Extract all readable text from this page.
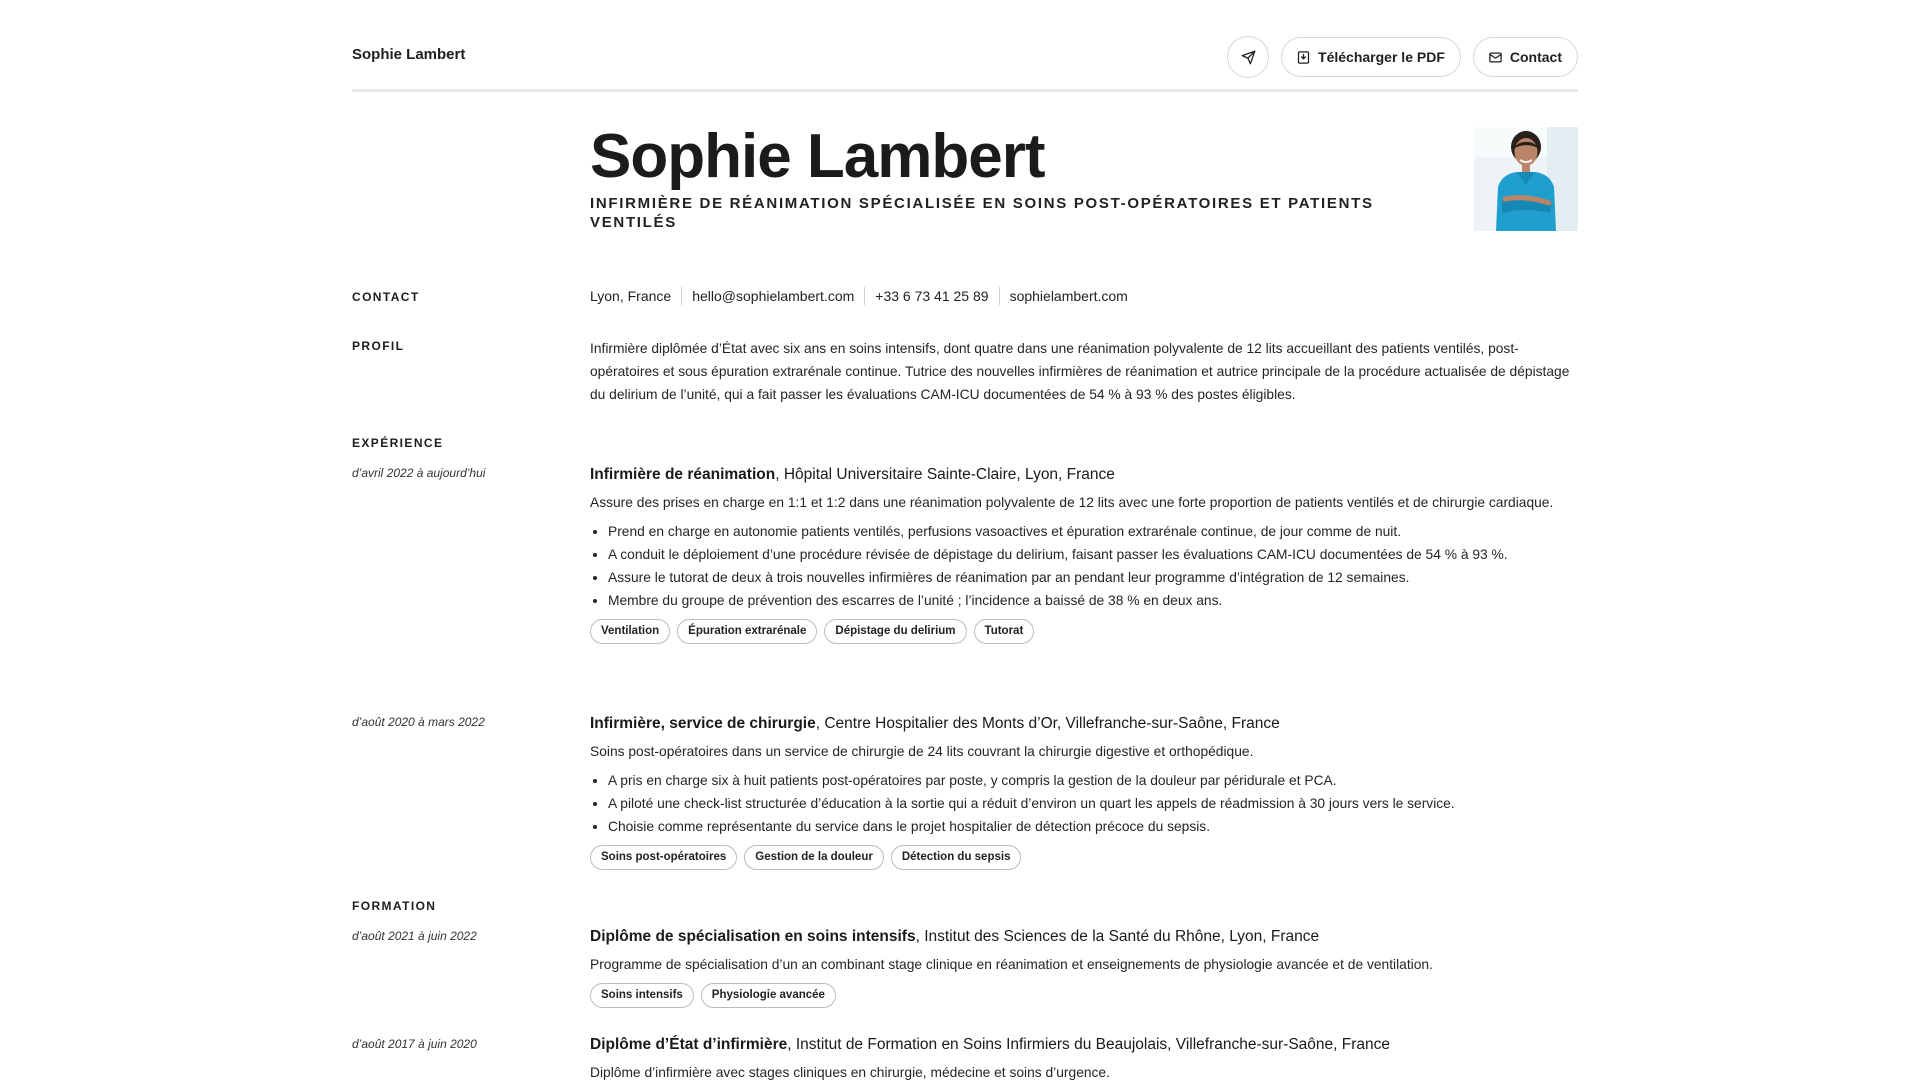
Sophie Lambert	Télécharger le PDF	Contact
Sophie Lambert
INFIRMIÈRE DE RÉANIMATION SPÉCIALISÉE EN SOINS POST-OPÉRATOIRES ET PATIENTS VENTILÉS
CONTACT	Lyon, France	hello@sophielambert.com	+33 6 73 41 25 89	sophielambert.com
PROFIL	Infirmière diplômée d’État avec six ans en soins intensifs, dont quatre dans une réanimation polyvalente de 12 lits accueillant des patients ventilés, post-opératoires et sous épuration extrarénale continue. Tutrice des nouvelles infirmières de réanimation et autrice principale de la procédure actualisée de dépistage du delirium de l’unité, qui a fait passer les évaluations CAM-ICU documentées de 54 % à 93 % des postes éligibles.
EXPÉRIENCE
d’avril 2022 à aujourd’hui	Infirmière de réanimation, Hôpital Universitaire Sainte-Claire, Lyon, France
Assure des prises en charge en 1:1 et 1:2 dans une réanimation polyvalente de 12 lits avec une forte proportion de patients ventilés et de chirurgie cardiaque.
• Prend en charge en autonomie patients ventilés, perfusions vasoactives et épuration extrarénale continue, de jour comme de nuit.
• A conduit le déploiement d’une procédure révisée de dépistage du delirium, faisant passer les évaluations CAM-ICU documentées de 54 % à 93 %.
• Assure le tutorat de deux à trois nouvelles infirmières de réanimation par an pendant leur programme d’intégration de 12 semaines.
• Membre du groupe de prévention des escarres de l’unité ; l’incidence a baissé de 38 % en deux ans.
Ventilation	Épuration extrarénale	Dépistage du delirium	Tutorat
d’août 2020 à mars 2022	Infirmière, service de chirurgie, Centre Hospitalier des Monts d’Or, Villefranche-sur-Saône, France
Soins post-opératoires dans un service de chirurgie de 24 lits couvrant la chirurgie digestive et orthopédique.
• A pris en charge six à huit patients post-opératoires par poste, y compris la gestion de la douleur par péridurale et PCA.
• A piloté une check-list structurée d’éducation à la sortie qui a réduit d’environ un quart les appels de réadmission à 30 jours vers le service.
• Choisie comme représentante du service dans le projet hospitalier de détection précoce du sepsis.
Soins post-opératoires	Gestion de la douleur	Détection du sepsis
FORMATION
d’août 2021 à juin 2022	Diplôme de spécialisation en soins intensifs, Institut des Sciences de la Santé du Rhône, Lyon, France
Programme de spécialisation d’un an combinant stage clinique en réanimation et enseignements de physiologie avancée et de ventilation.
Soins intensifs	Physiologie avancée
d’août 2017 à juin 2020	Diplôme d’État d’infirmière, Institut de Formation en Soins Infirmiers du Beaujolais, Villefranche-sur-Saône, France
Diplôme d’infirmière avec stages cliniques en chirurgie, médecine et soins d’urgence.
